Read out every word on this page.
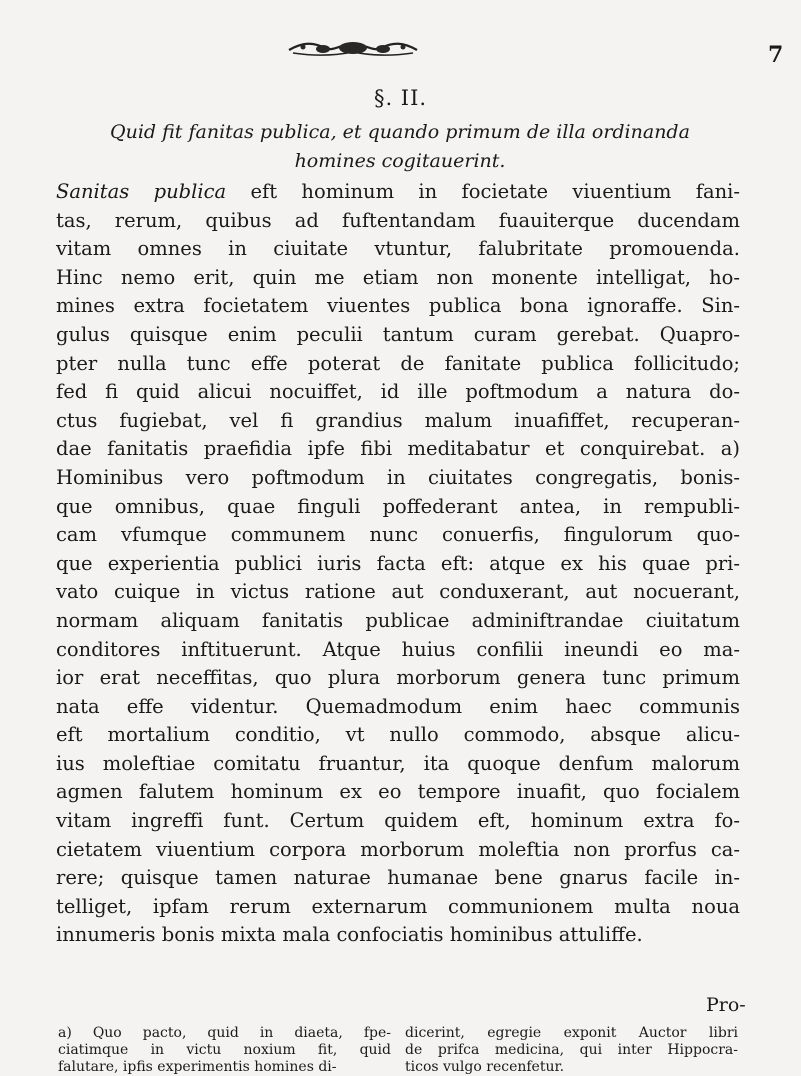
7
§. II.
Quid fit fanitas publica, et quando primum de illa ordinanda
homines cogitauerint.
Sanitas publica eft hominum in focietate viuentium fani-
tas, rerum, quibus ad fuftentandam fuauiterque ducendam
vitam omnes in ciuitate vtuntur, falubritate promouenda.
Hinc nemo erit, quin me etiam non monente intelligat, ho-
mines extra focietatem viuentes publica bona ignoraffe. Sin-
gulus quisque enim peculii tantum curam gerebat. Quapro-
pter nulla tunc effe poterat de fanitate publica follicitudo;
fed fi quid alicui nocuiffet, id ille poftmodum a natura do-
ctus fugiebat, vel fi grandius malum inuafiffet, recuperan-
dae fanitatis praefidia ipfe fibi meditabatur et conquirebat. a)
Hominibus vero poftmodum in ciuitates congregatis, bonis-
que omnibus, quae finguli poffederant antea, in rempubli-
cam vfumque communem nunc conuerfis, fingulorum quo-
que experientia publici iuris facta eft: atque ex his quae pri-
vato cuique in victus ratione aut conduxerant, aut nocuerant,
normam aliquam fanitatis publicae adminiftrandae ciuitatum
conditores inftituerunt. Atque huius confilii ineundi eo ma-
ior erat neceffitas, quo plura morborum genera tunc primum
nata effe videntur. Quemadmodum enim haec communis
eft mortalium conditio, vt nullo commodo, absque alicu-
ius moleftiae comitatu fruantur, ita quoque denfum malorum
agmen falutem hominum ex eo tempore inuafit, quo focialem
vitam ingreffi funt. Certum quidem eft, hominum extra fo-
cietatem viuentium corpora morborum moleftia non prorfus ca-
rere; quisque tamen naturae humanae bene gnarus facile in-
telliget, ipfam rerum externarum communionem multa noua
innumeris bonis mixta mala confociatis hominibus attuliffe.
Pro-
a) Quo pacto, quid in diaeta, fpe-
ciatimque in victu noxium fit, quid
falutare, ipfis experimentis homines di-
dicerint, egregie exponit Auctor libri
de prifca medicina, qui inter Hippocra-
ticos vulgo recenfetur.
